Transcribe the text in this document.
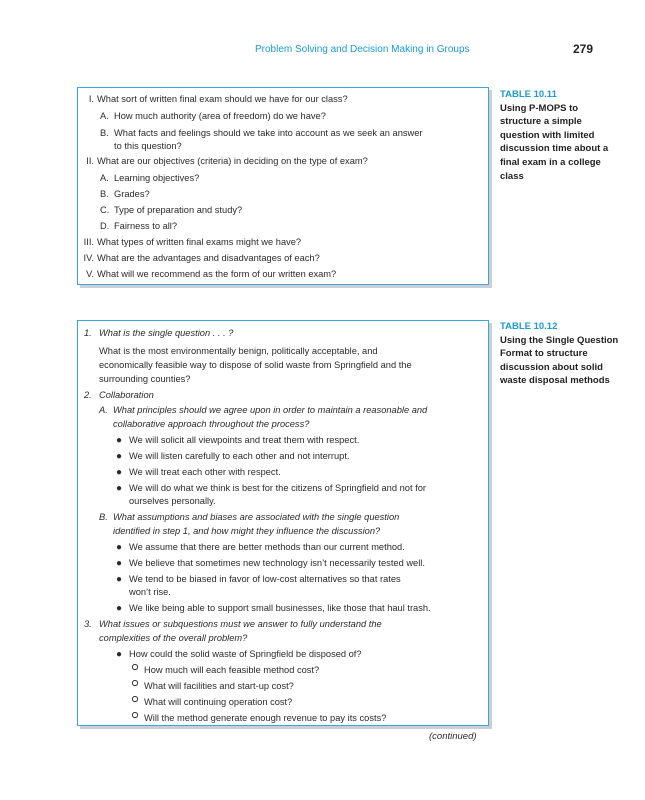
Problem Solving and Decision Making in Groups	279
I. What sort of written final exam should we have for our class?
A. How much authority (area of freedom) do we have?
B. What facts and feelings should we take into account as we seek an answer
to this question?
II. What are our objectives (criteria) in deciding on the type of exam?
A. Learning objectives?
B. Grades?
C. Type of preparation and study?
D. Fairness to all?
III. What types of written final exams might we have?
IV. What are the advantages and disadvantages of each?
V. What will we recommend as the form of our written exam?
TABLE 10.11
Using P-MOPS to structure a simple question with limited discussion time about a final exam in a college class
1. What is the single question . . . ?
What is the most environmentally benign, politically acceptable, and
economically feasible way to dispose of solid waste from Springfield and the
surrounding counties?
2. Collaboration
A. What principles should we agree upon in order to maintain a reasonable and
collaborative approach throughout the process?
● We will solicit all viewpoints and treat them with respect.
● We will listen carefully to each other and not interrupt.
● We will treat each other with respect.
● We will do what we think is best for the citizens of Springfield and not for
ourselves personally.
B. What assumptions and biases are associated with the single question
identified in step 1, and how might they influence the discussion?
● We assume that there are better methods than our current method.
● We believe that sometimes new technology isn’t necessarily tested well.
● We tend to be biased in favor of low-cost alternatives so that rates
won’t rise.
● We like being able to support small businesses, like those that haul trash.
3. What issues or subquestions must we answer to fully understand the
complexities of the overall problem?
● How could the solid waste of Springfield be disposed of?
How much will each feasible method cost?
What will facilities and start-up cost?
What will continuing operation cost?
Will the method generate enough revenue to pay its costs?
TABLE 10.12
Using the Single Question Format to structure discussion about solid waste disposal methods
(continued)
